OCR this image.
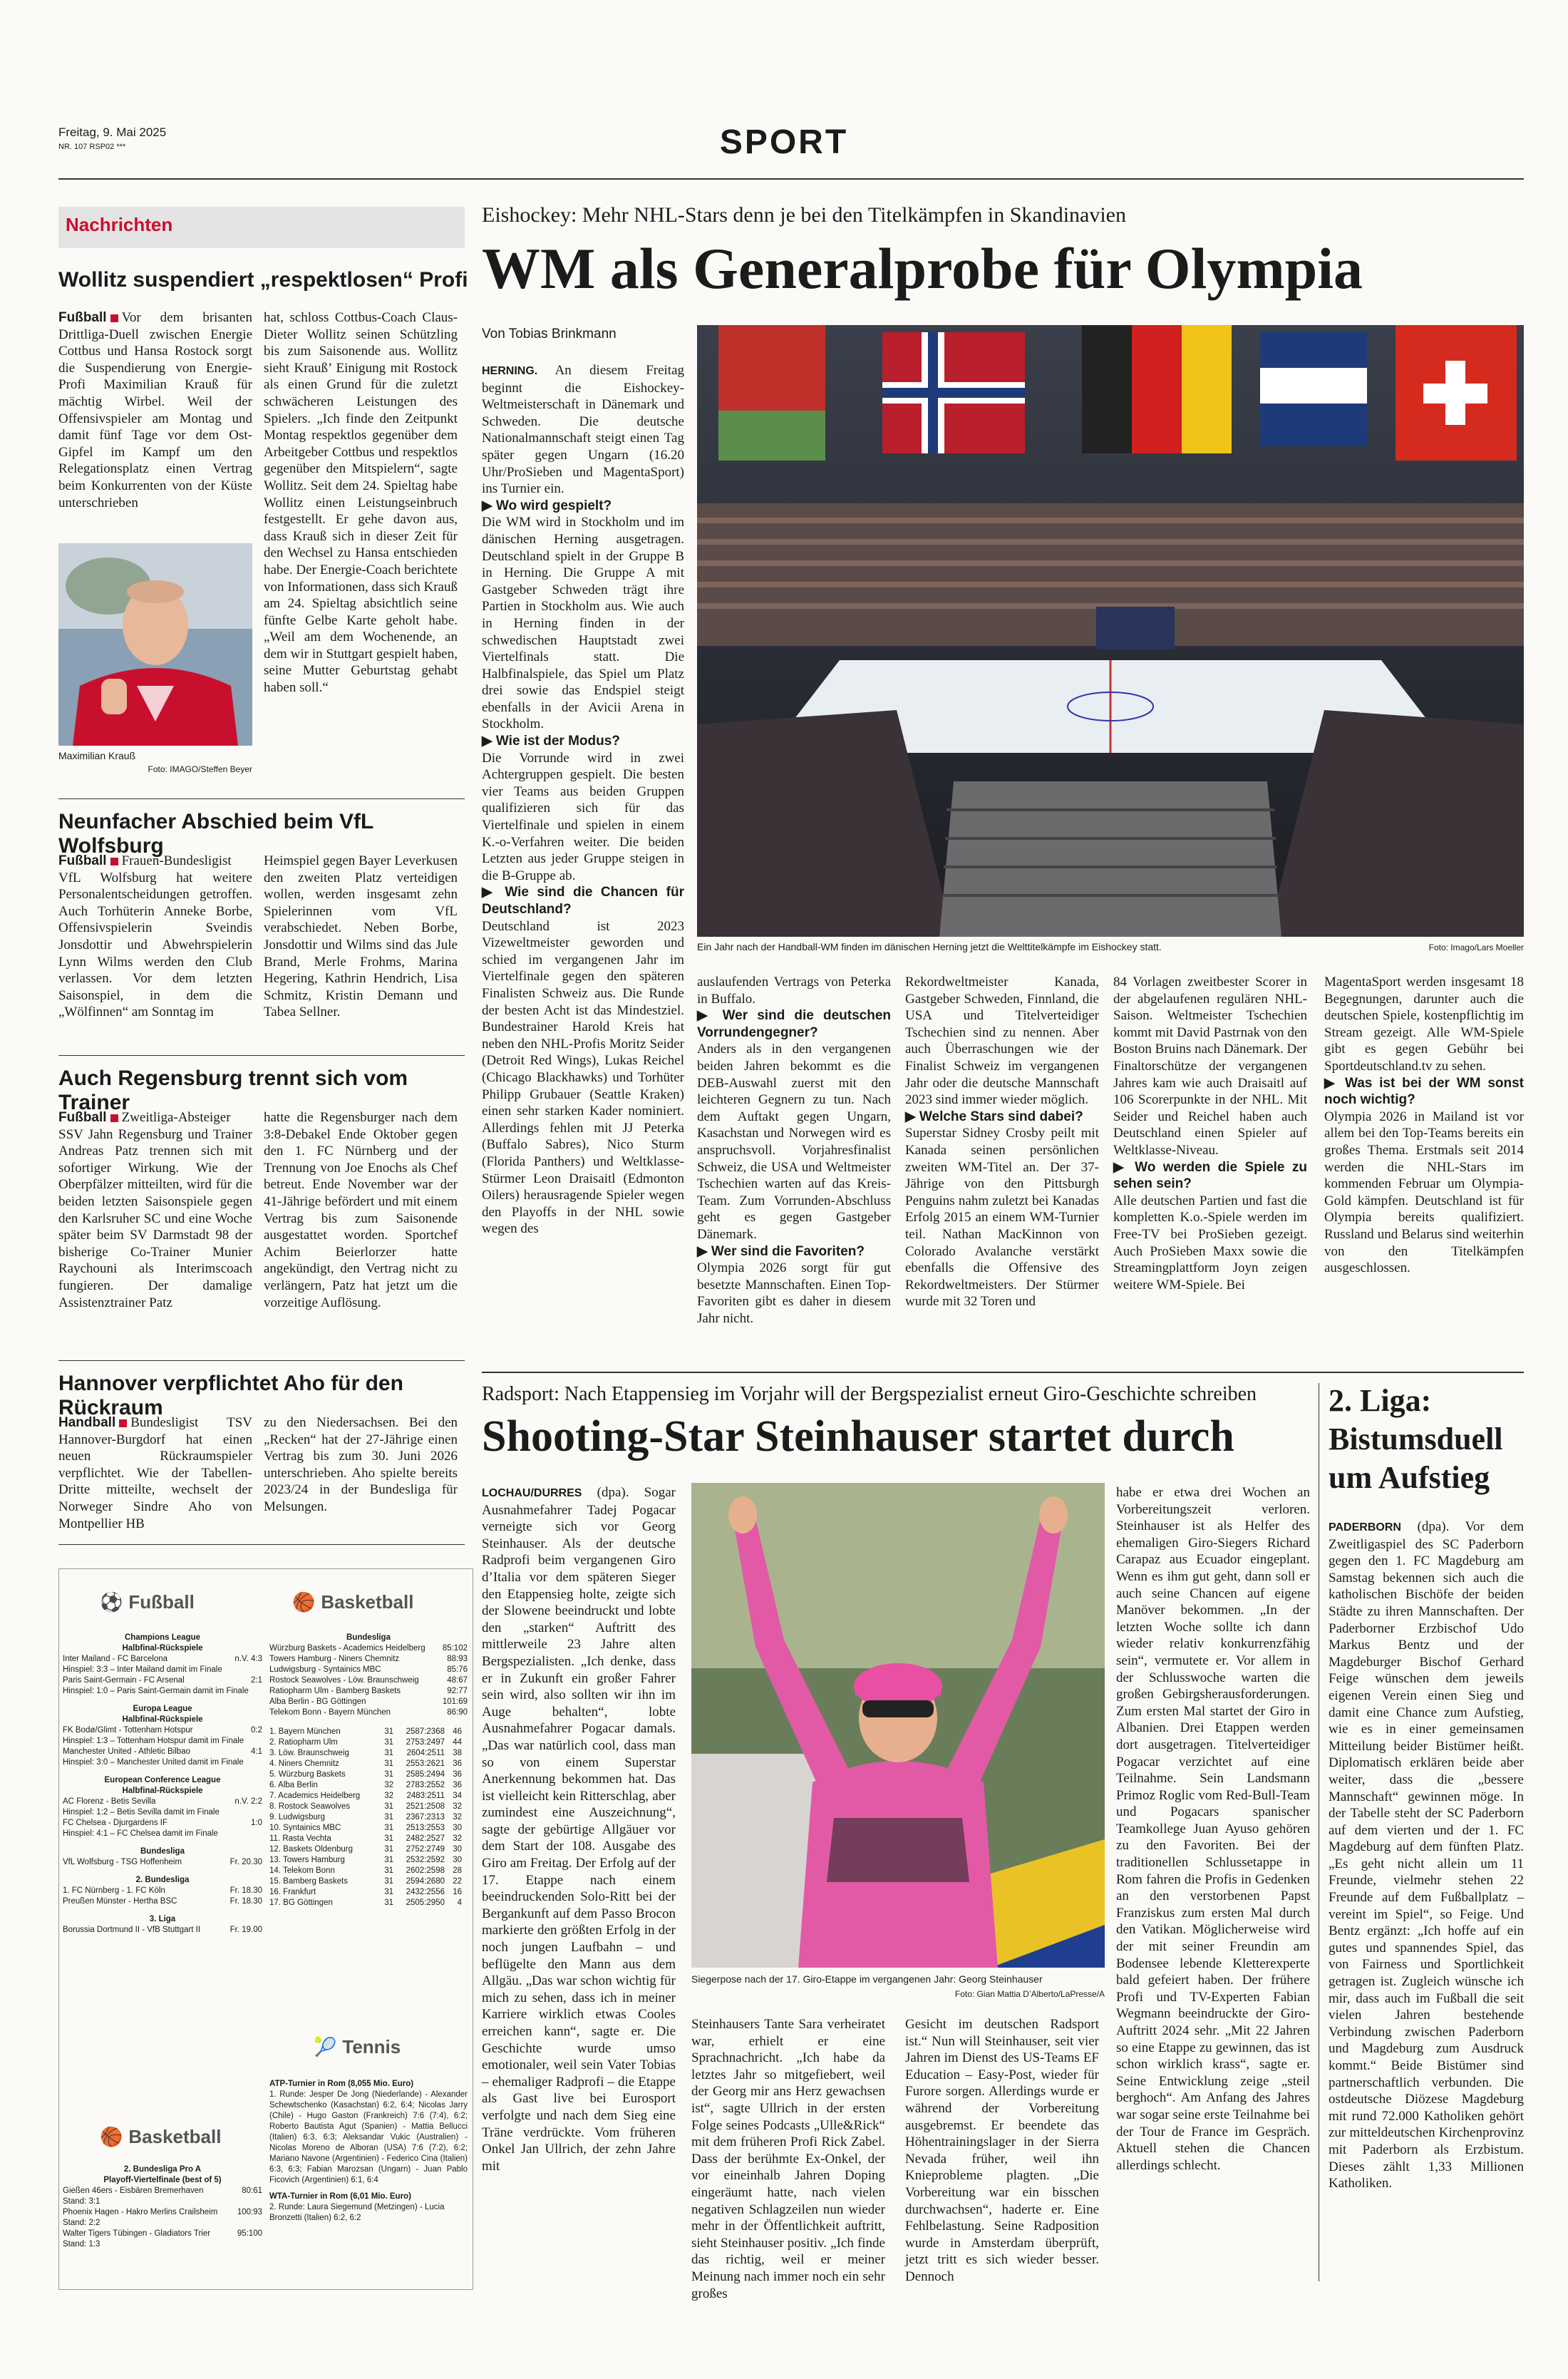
Freitag, 9. Mai 2025
NR. 107 RSP02 ***	SPORT
Nachrichten
Wollitz suspendiert „respektlosen“ Profi
Fußball Vor dem brisanten Drittliga-Duell zwischen Energie Cottbus und Hansa Rostock sorgt die Suspendierung von Energie-Profi Maximilian Krauß für mächtig Wirbel. Weil der Offensivspieler am Montag und damit fünf Tage vor dem Ost-Gipfel im Kampf um den Relegationsplatz einen Vertrag beim Konkurrenten von der Küste unterschrieben
hat, schloss Cottbus-Coach Claus-Dieter Wollitz seinen Schützling bis zum Saisonende aus. Wollitz sieht Krauß’ Einigung mit Rostock als einen Grund für die zuletzt schwächeren Leistungen des Spielers. „Ich finde den Zeitpunkt Montag respektlos gegenüber dem Arbeitgeber Cottbus und respektlos gegenüber den Mitspielern“, sagte Wollitz. Seit dem 24. Spieltag habe Wollitz einen Leistungseinbruch festgestellt. Er gehe davon aus, dass Krauß sich in dieser Zeit für den Wechsel zu Hansa entschieden habe. Der Energie-Coach berichtete von Informationen, dass sich Krauß am 24. Spieltag absichtlich seine fünfte Gelbe Karte geholt habe. „Weil am dem Wochenende, an dem wir in Stuttgart gespielt haben, seine Mutter Geburtstag gehabt haben soll.“
Maximilian Krauß
Foto: IMAGO/Steffen Beyer
Neunfacher Abschied beim VfL Wolfsburg
Fußball Frauen-Bundesligist VfL Wolfsburg hat weitere Personalentscheidungen getroffen. Auch Torhüterin Anneke Borbe, Offensivspielerin Sveindis Jonsdottir und Abwehrspielerin Lynn Wilms werden den Club verlassen. Vor dem letzten Saisonspiel, in dem die „Wölfinnen“ am Sonntag im
Heimspiel gegen Bayer Leverkusen den zweiten Platz verteidigen wollen, werden insgesamt zehn Spielerinnen vom VfL verabschiedet. Neben Borbe, Jonsdottir und Wilms sind das Jule Brand, Merle Frohms, Marina Hegering, Kathrin Hendrich, Lisa Schmitz, Kristin Demann und Tabea Sellner.
Auch Regensburg trennt sich vom Trainer
Fußball Zweitliga-Absteiger SSV Jahn Regensburg und Trainer Andreas Patz trennen sich mit sofortiger Wirkung. Wie der Oberpfälzer mitteilten, wird für die beiden letzten Saisonspiele gegen den Karlsruher SC und eine Woche später beim SV Darmstadt 98 der bisherige Co-Trainer Munier Raychouni als Interimscoach fungieren. Der damalige Assistenztrainer Patz
hatte die Regensburger nach dem 3:8-Debakel Ende Oktober gegen den 1. FC Nürnberg und der Trennung von Joe Enochs als Chef betreut. Ende November war der 41-Jährige befördert und mit einem Vertrag bis zum Saisonende ausgestattet worden. Sportchef Achim Beierlorzer hatte angekündigt, den Vertrag nicht zu verlängern, Patz hat jetzt um die vorzeitige Auflösung.
Hannover verpflichtet Aho für den Rückraum
Handball Bundesligist TSV Hannover-Burgdorf hat einen neuen Rückraumspieler verpflichtet. Wie der Tabellen-Dritte mitteilte, wechselt der Norweger Sindre Aho von Montpellier HB
zu den Niedersachsen. Bei den „Recken“ hat der 27-Jährige einen Vertrag bis zum 30. Juni 2026 unterschrieben. Aho spielte bereits 2023/24 in der Bundesliga für Melsungen.
⚽ Fußball
Champions League
Halbfinal-Rückspiele
Inter Mailand - FC Barcelona	n.V. 4:3
Hinspiel: 3:3 – Inter Mailand damit im Finale
Paris Saint-Germain - FC Arsenal	2:1
Hinspiel: 1:0 – Paris Saint-Germain damit im Finale
Europa League
Halbfinal-Rückspiele
FK Bodø/Glimt - Tottenham Hotspur	0:2
Hinspiel: 1:3 – Tottenham Hotspur damit im Finale
Manchester United - Athletic Bilbao	4:1
Hinspiel: 3:0 – Manchester United damit im Finale
European Conference League
Halbfinal-Rückspiele
AC Florenz - Betis Sevilla	n.V. 2:2
Hinspiel: 1:2 – Betis Sevilla damit im Finale
FC Chelsea - Djurgardens IF	1:0
Hinspiel: 4:1 – FC Chelsea damit im Finale
Bundesliga
VfL Wolfsburg - TSG Hoffenheim	Fr. 20.30
2. Bundesliga
1. FC Nürnberg - 1. FC Köln	Fr. 18.30
Preußen Münster - Hertha BSC	Fr. 18.30
3. Liga
Borussia Dortmund II - VfB Stuttgart II	Fr. 19.00
🏀 Basketball
2. Bundesliga Pro A
Playoff-Viertelfinale (best of 5)
Gießen 46ers - Eisbären Bremerhaven	80:61
Stand: 3:1
Phoenix Hagen - Hakro Merlins Crailsheim 100:93
Stand: 2:2
Walter Tigers Tübingen - Gladiators Trier	95:100
Stand: 1:3
🏀 Basketball
Bundesliga
Würzburg Baskets - Academics Heidelberg 85:102
Towers Hamburg - Niners Chemnitz	88:93
Ludwigsburg - Syntainics MBC	85:76
Rostock Seawolves - Löw. Braunschweig	48:67
Ratiopharm Ulm - Bamberg Baskets	92:77
Alba Berlin - BG Göttingen	101:69
Telekom Bonn - Bayern München	86:90
1. Bayern München	31	2587:2368 46
2. Ratiopharm Ulm	31	2753:2497 44
3. Löw. Braunschweig	31	2604:2511 38
4. Niners Chemnitz	31	2553:2621 36
5. Würzburg Baskets	31	2585:2494 36
6. Alba Berlin	32	2783:2552 36
7. Academics Heidelberg	32	2483:2511 34
8. Rostock Seawolves	31	2521:2508 32
9. Ludwigsburg	31	2367:2313 32
10. Syntainics MBC	31	2513:2553 30
11. Rasta Vechta	31	2482:2527 32
12. Baskets Oldenburg	31	2752:2749 30
13. Towers Hamburg	31	2532:2592 30
14. Telekom Bonn	31	2602:2598 28
15. Bamberg Baskets	31	2594:2680 22
16. Frankfurt	31	2432:2556 16
17. BG Göttingen	31	2505:2950	4
🎾 Tennis
ATP-Turnier in Rom (8,055 Mio. Euro)
1. Runde: Jesper De Jong (Niederlande) - Alexander Schewtschenko (Kasachstan) 6:2, 6:4; Nicolas Jarry (Chile) - Hugo Gaston (Frankreich) 7:6 (7:4), 6:2; Roberto Bautista Agut (Spanien) - Mattia Bellucci (Italien) 6:3, 6:3; Aleksandar Vukic (Australien) - Nicolas Moreno de Alboran (USA) 7:6 (7:2), 6:2; Mariano Navone (Argentinien) - Federico Cina (Italien) 6:3, 6:3; Fabian Marozsan (Ungarn) - Juan Pablo Ficovich (Argentinien) 6:1, 6:4
WTA-Turnier in Rom (6,01 Mio. Euro)
2. Runde: Laura Siegemund (Metzingen) - Lucia Bronzetti (Italien) 6:2, 6:2
Eishockey: Mehr NHL-Stars denn je bei den Titelkämpfen in Skandinavien
WM als Generalprobe für Olympia
Von Tobias Brinkmann
Ein Jahr nach der Handball-WM finden im dänischen Herning jetzt die Welttitelkämpfe im Eishockey statt.	Foto: Imago/Lars Moeller

HERNING. An diesem Freitag beginnt die Eishockey-Weltmeisterschaft in Dänemark und Schweden. Die deutsche Nationalmannschaft steigt einen Tag später gegen Ungarn (16.20 Uhr/ProSieben und MagentaSport) ins Turnier ein.

▶ Wo wird gespielt?

Die WM wird in Stockholm und im dänischen Herning ausgetragen. Deutschland spielt in der Gruppe B in Herning. Die Gruppe A mit Gastgeber Schweden trägt ihre Partien in Stockholm aus. Wie auch in Herning finden in der schwedischen Hauptstadt zwei Viertelfinals statt. Die Halbfinalspiele, das Spiel um Platz drei sowie das Endspiel steigt ebenfalls in der Avicii Arena in Stockholm.

▶ Wie ist der Modus?

Die Vorrunde wird in zwei Achtergruppen gespielt. Die besten vier Teams aus beiden Gruppen qualifizieren sich für das Viertelfinale und spielen in einem K.-o-Verfahren weiter. Die beiden Letzten aus jeder Gruppe steigen in die B-Gruppe ab.

▶ Wie sind die Chancen für Deutschland?

Deutschland ist 2023 Vizeweltmeister geworden und schied im vergangenen Jahr im Viertelfinale gegen den späteren Finalisten Schweiz aus. Die Runde der besten Acht ist das Mindestziel. Bundestrainer Harold Kreis hat neben den NHL-Profis Moritz Seider (Detroit Red Wings), Lukas Reichel (Chicago Blackhawks) und Torhüter Philipp Grubauer (Seattle Kraken) einen sehr starken Kader nominiert. Allerdings fehlen mit JJ Peterka (Buffalo Sabres), Nico Sturm (Florida Panthers) und Weltklasse-Stürmer Leon Draisaitl (Edmonton Oilers) herausragende Spieler wegen den Playoffs in der NHL sowie wegen des

auslaufenden Vertrags von Peterka in Buffalo.

▶ Wer sind die deutschen Vorrundengegner?

Anders als in den vergangenen beiden Jahren bekommt es die DEB-Auswahl zuerst mit den leichteren Gegnern zu tun. Nach dem Auftakt gegen Ungarn, Kasachstan und Norwegen wird es anspruchsvoll. Vorjahresfinalist Schweiz, die USA und Weltmeister Tschechien warten auf das Kreis-Team. Zum Vorrunden-Abschluss geht es gegen Gastgeber Dänemark.

▶ Wer sind die Favoriten?

Olympia 2026 sorgt für gut besetzte Mannschaften. Einen Top-Favoriten gibt es daher in diesem Jahr nicht.

Rekordweltmeister Kanada, Gastgeber Schweden, Finnland, die USA und Titelverteidiger Tschechien sind zu nennen. Aber auch Überraschungen wie der Finalist Schweiz im vergangenen Jahr oder die deutsche Mannschaft 2023 sind immer wieder möglich.

▶ Welche Stars sind dabei?

Superstar Sidney Crosby peilt mit Kanada seinen persönlichen zweiten WM-Titel an. Der 37-Jährige von den Pittsburgh Penguins nahm zuletzt bei Kanadas Erfolg 2015 an einem WM-Turnier teil. Nathan MacKinnon von Colorado Avalanche verstärkt ebenfalls die Offensive des Rekordweltmeisters. Der Stürmer wurde mit 32 Toren und

84 Vorlagen zweitbester Scorer in der abgelaufenen regulären NHL-Saison. Weltmeister Tschechien kommt mit David Pastrnak von den Boston Bruins nach Dänemark. Der Finaltorschütze der vergangenen Jahres kam wie auch Draisaitl auf 106 Scorerpunkte in der NHL. Mit Seider und Reichel haben auch Deutschland einen Spieler auf Weltklasse-Niveau.

▶ Wo werden die Spiele zu sehen sein?

Alle deutschen Partien und fast die kompletten K.o.-Spiele werden im Free-TV bei ProSieben gezeigt. Auch ProSieben Maxx sowie die Streamingplattform Joyn zeigen weitere WM-Spiele. Bei

MagentaSport werden insgesamt 18 Begegnungen, darunter auch die deutschen Spiele, kostenpflichtig im Stream gezeigt. Alle WM-Spiele gibt es gegen Gebühr bei Sportdeutschland.tv zu sehen.

▶ Was ist bei der WM sonst noch wichtig?

Olympia 2026 in Mailand ist vor allem bei den Top-Teams bereits ein großes Thema. Erstmals seit 2014 werden die NHL-Stars im kommenden Februar um Olympia-Gold kämpfen. Deutschland ist für Olympia bereits qualifiziert. Russland und Belarus sind weiterhin von den Titelkämpfen ausgeschlossen.

Radsport: Nach Etappensieg im Vorjahr will der Bergspezialist erneut Giro-Geschichte schreiben
Shooting-Star Steinhauser startet durch
LOCHAU/DURRES (dpa). Sogar Ausnahmefahrer Tadej Pogacar verneigte sich vor Georg Steinhauser. Als der deutsche Radprofi beim vergangenen Giro d’Italia vor dem späteren Sieger den Etappensieg holte, zeigte sich der Slowene beeindruckt und lobte den „starken“ Auftritt des mittlerweile 23 Jahre alten Bergspezialisten. „Ich denke, dass er in Zukunft ein großer Fahrer sein wird, also sollten wir ihn im Auge behalten“, lobte Ausnahmefahrer Pogacar damals. „Das war natürlich cool, dass man so von einem Superstar Anerkennung bekommen hat. Das ist vielleicht kein Ritterschlag, aber zumindest eine Auszeichnung“, sagte der gebürtige Allgäuer vor dem Start der 108. Ausgabe des Giro am Freitag. Der Erfolg auf der 17. Etappe nach einem beeindruckenden Solo-Ritt bei der Bergankunft auf dem Passo Brocon markierte den größten Erfolg in der noch jungen Laufbahn – und beflügelte den Mann aus dem Allgäu. „Das war schon wichtig für mich zu sehen, dass ich in meiner Karriere wirklich etwas Cooles erreichen kann“, sagte er. Die Geschichte wurde umso emotionaler, weil sein Vater Tobias – ehemaliger Radprofi – die Etappe als Gast live bei Eurosport verfolgte und nach dem Sieg eine Träne verdrückte. Vom früheren Onkel Jan Ullrich, der zehn Jahre mit
Siegerpose nach der 17. Giro-Etappe im vergangenen Jahr: Georg Steinhauser
Foto: Gian Mattia D’Alberto/LaPresse/A
Steinhausers Tante Sara verheiratet war, erhielt er eine Sprachnachricht. „Ich habe da letztes Jahr so mitgefiebert, weil der Georg mir ans Herz gewachsen ist“, sagte Ullrich in der ersten Folge seines Podcasts „Ulle&Rick“ mit dem früheren Profi Rick Zabel. Dass der berühmte Ex-Onkel, der vor eineinhalb Jahren Doping eingeräumt hatte, nach vielen negativen Schlagzeilen nun wieder mehr in der Öffentlichkeit auftritt, sieht Steinhauser positiv. „Ich finde das richtig, weil er meiner Meinung nach immer noch ein sehr großes
Gesicht im deutschen Radsport ist.“ Nun will Steinhauser, seit vier Jahren im Dienst des US-Teams EF Education – Easy-Post, wieder für Furore sorgen. Allerdings wurde er während der Vorbereitung ausgebremst. Er beendete das Höhentrainingslager in der Sierra Nevada früher, weil ihn Knieprobleme plagten. „Die Vorbereitung war ein bisschen durchwachsen“, haderte er. Eine Fehlbelastung. Seine Radposition wurde in Amsterdam überprüft, jetzt tritt es sich wieder besser. Dennoch
habe er etwa drei Wochen an Vorbereitungszeit verloren. Steinhauser ist als Helfer des ehemaligen Giro-Siegers Richard Carapaz aus Ecuador eingeplant. Wenn es ihm gut geht, dann soll er auch seine Chancen auf eigene Manöver bekommen. „In der letzten Woche sollte ich dann wieder relativ konkurrenzfähig sein“, vermutete er. Vor allem in der Schlusswoche warten die großen Gebirgsherausforderungen. Zum ersten Mal startet der Giro in Albanien. Drei Etappen werden dort ausgetragen. Titelverteidiger Pogacar verzichtet auf eine Teilnahme. Sein Landsmann Primoz Roglic vom Red-Bull-Team und Pogacars spanischer Teamkollege Juan Ayuso gehören zu den Favoriten. Bei der traditionellen Schlussetappe in Rom fahren die Profis in Gedenken an den verstorbenen Papst Franziskus zum ersten Mal durch den Vatikan. Möglicherweise wird der mit seiner Freundin am Bodensee lebende Kletterexperte bald gefeiert haben. Der frühere Profi und TV-Experten Fabian Wegmann beeindruckte der Giro-Auftritt 2024 sehr. „Mit 22 Jahren so eine Etappe zu gewinnen, das ist schon wirklich krass“, sagte er. Seine Entwicklung zeige „steil berghoch“. Am Anfang des Jahres war sogar seine erste Teilnahme bei der Tour de France im Gespräch. Aktuell stehen die Chancen allerdings schlecht.
2. Liga: Bistumsduell um Aufstieg
PADERBORN (dpa). Vor dem Zweitligaspiel des SC Paderborn gegen den 1. FC Magdeburg am Samstag bekennen sich auch die katholischen Bischöfe der beiden Städte zu ihren Mannschaften. Der Paderborner Erzbischof Udo Markus Bentz und der Magdeburger Bischof Gerhard Feige wünschen dem jeweils eigenen Verein einen Sieg und damit eine Chance zum Aufstieg, wie es in einer gemeinsamen Mitteilung beider Bistümer heißt. Diplomatisch erklären beide aber weiter, dass die „bessere Mannschaft“ gewinnen möge. In der Tabelle steht der SC Paderborn auf dem vierten und der 1. FC Magdeburg auf dem fünften Platz. „Es geht nicht allein um 11 Freunde, vielmehr stehen 22 Freunde auf dem Fußballplatz – vereint im Spiel“, so Feige. Und Bentz ergänzt: „Ich hoffe auf ein gutes und spannendes Spiel, das von Fairness und Sportlichkeit getragen ist. Zugleich wünsche ich mir, dass auch im Fußball die seit vielen Jahren bestehende Verbindung zwischen Paderborn und Magdeburg zum Ausdruck kommt.“ Beide Bistümer sind partnerschaftlich verbunden. Die ostdeutsche Diözese Magdeburg mit rund 72.000 Katholiken gehört zur mitteldeutschen Kirchenprovinz mit Paderborn als Erzbistum. Dieses zählt 1,33 Millionen Katholiken.
